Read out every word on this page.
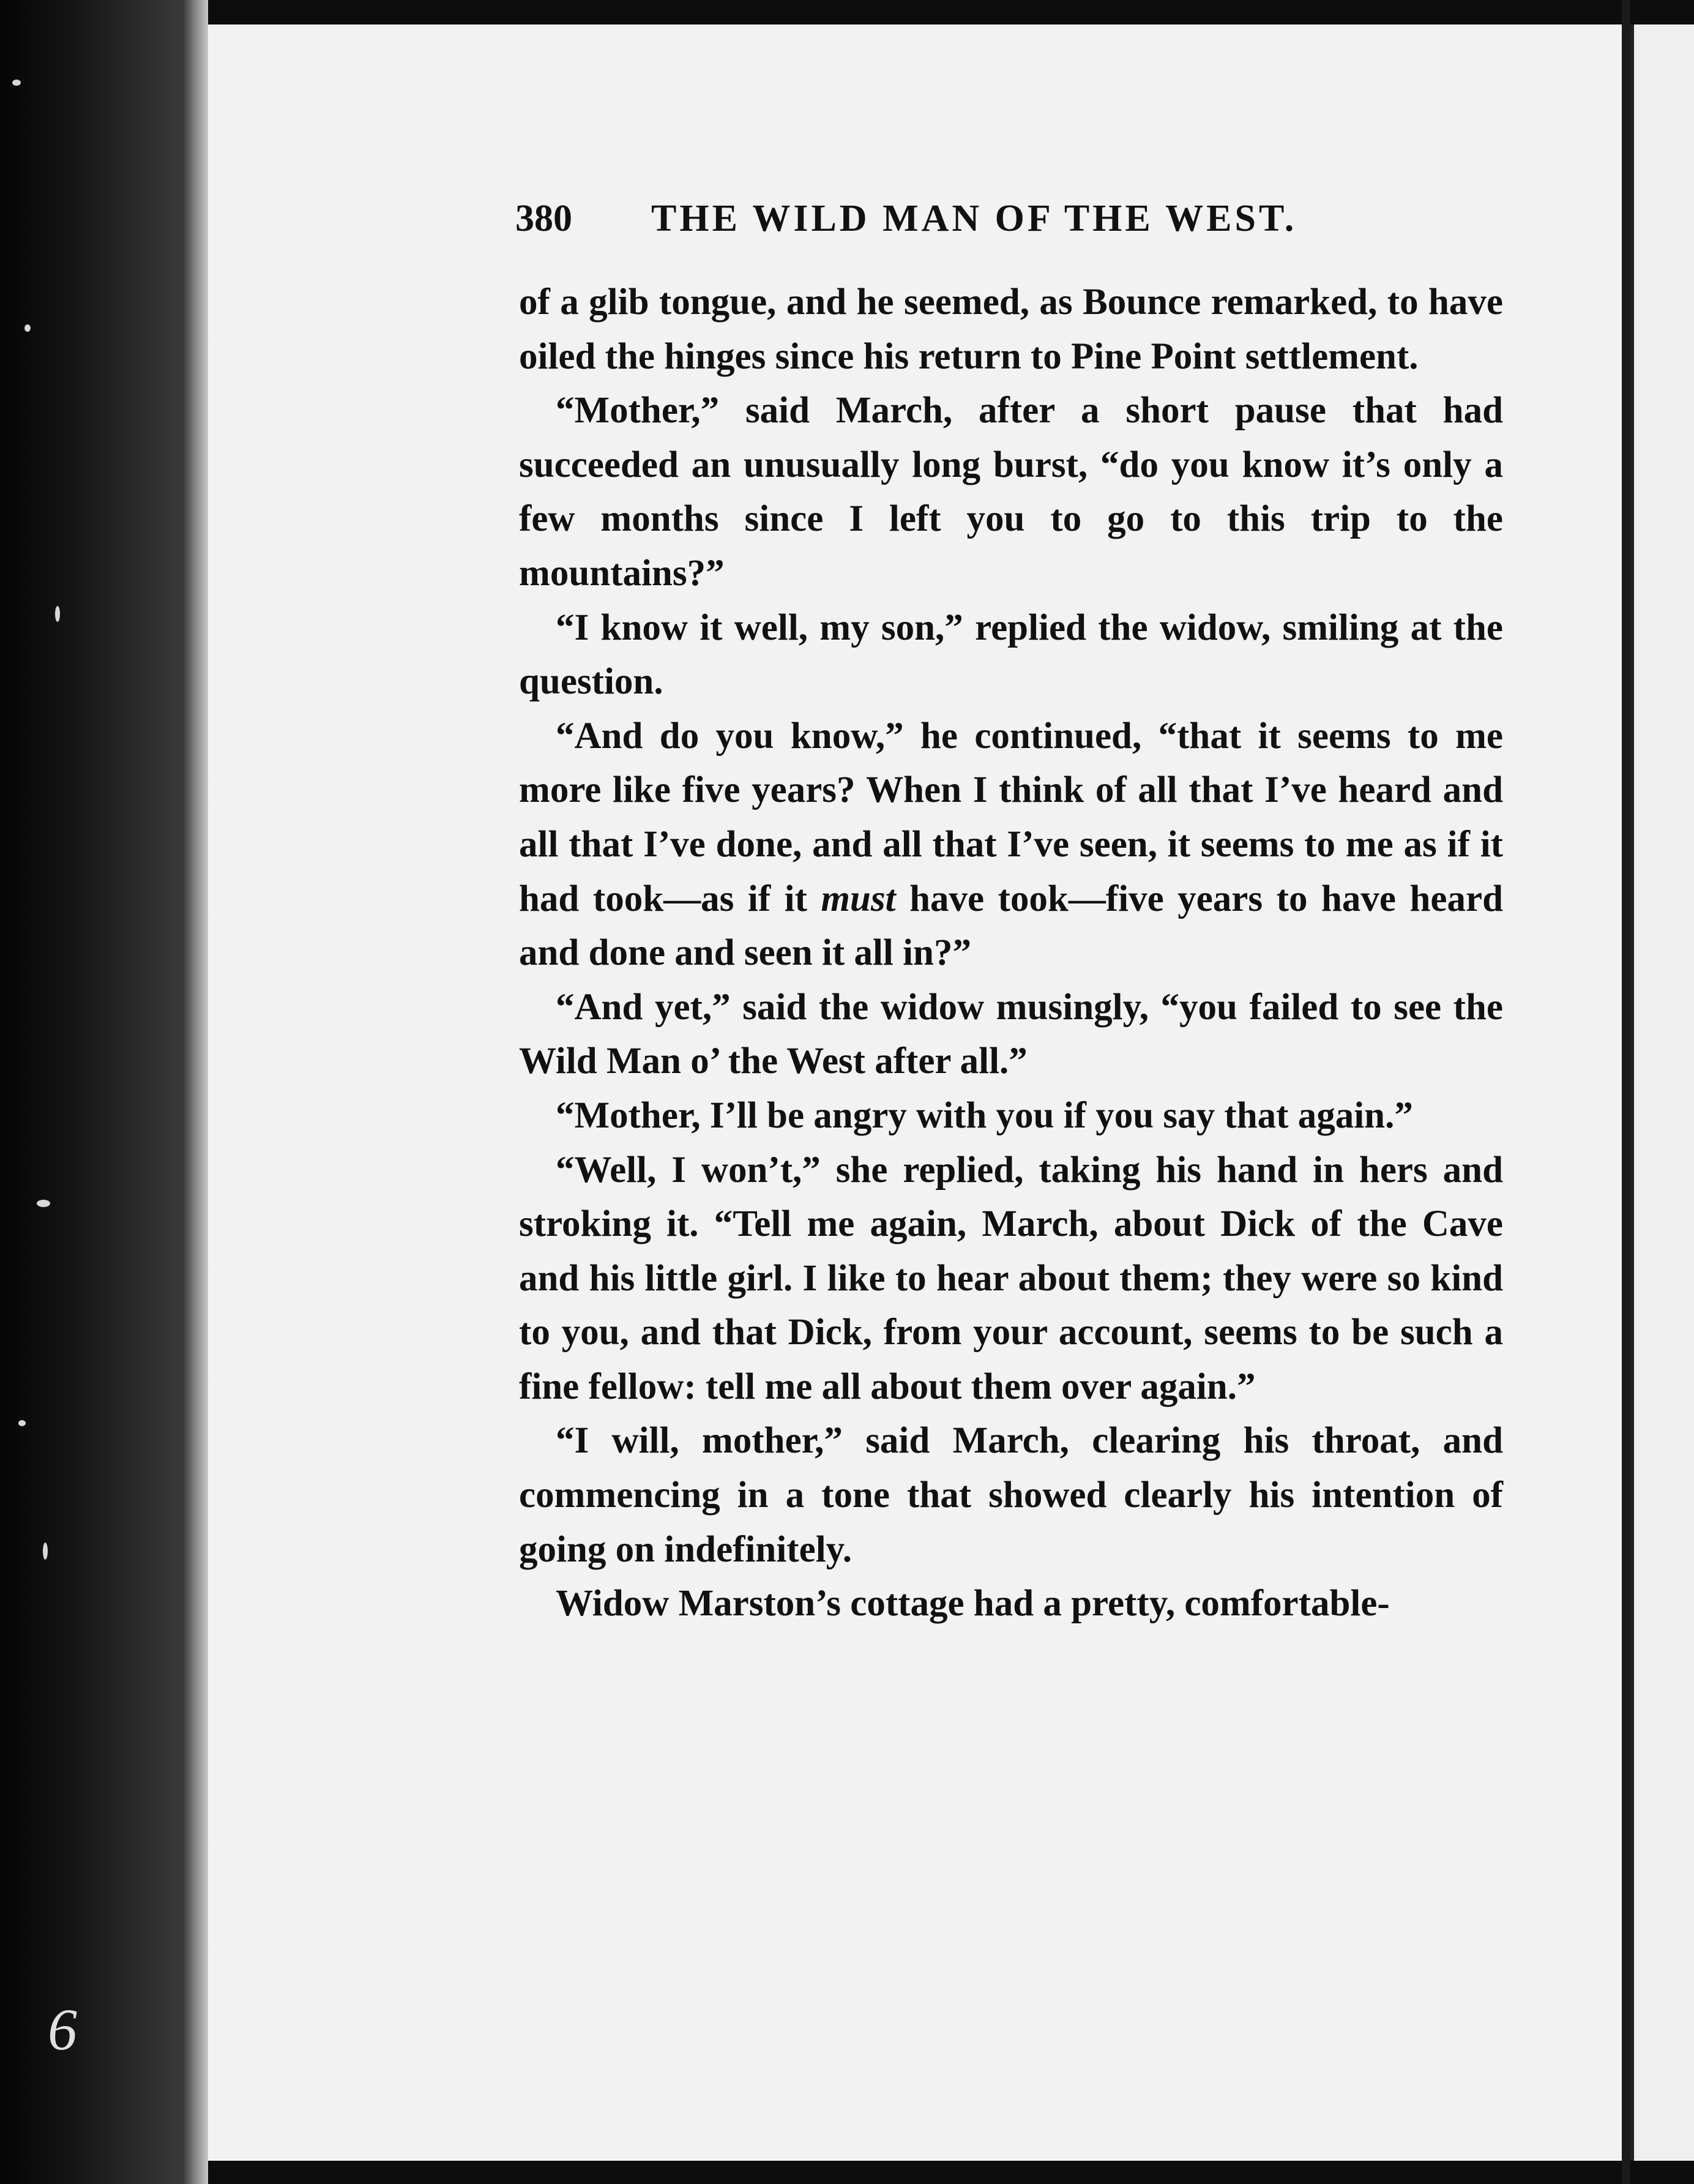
380 THE WILD MAN OF THE WEST.

of a glib tongue, and he seemed, as Bounce remarked, to have oiled the hinges since his return to Pine Point settlement.

“Mother,” said March, after a short pause that had succeeded an unusually long burst, “do you know it’s only a few months since I left you to go to this trip to the mountains?”

“I know it well, my son,” replied the widow, smiling at the question.

“And do you know,” he continued, “that it seems to me more like five years? When I think of all that I’ve heard and all that I’ve done, and all that I’ve seen, it seems to me as if it had took—as if it must have took—five years to have heard and done and seen it all in?”

“And yet,” said the widow musingly, “you failed to see the Wild Man o’ the West after all.”

“Mother, I’ll be angry with you if you say that again.”

“Well, I won’t,” she replied, taking his hand in hers and stroking it. “Tell me again, March, about Dick of the Cave and his little girl. I like to hear about them; they were so kind to you, and that Dick, from your account, seems to be such a fine fellow: tell me all about them over again.”

“I will, mother,” said March, clearing his throat, and commencing in a tone that showed clearly his intention of going on indefinitely.

Widow Marston’s cottage had a pretty, comfortable-

6
